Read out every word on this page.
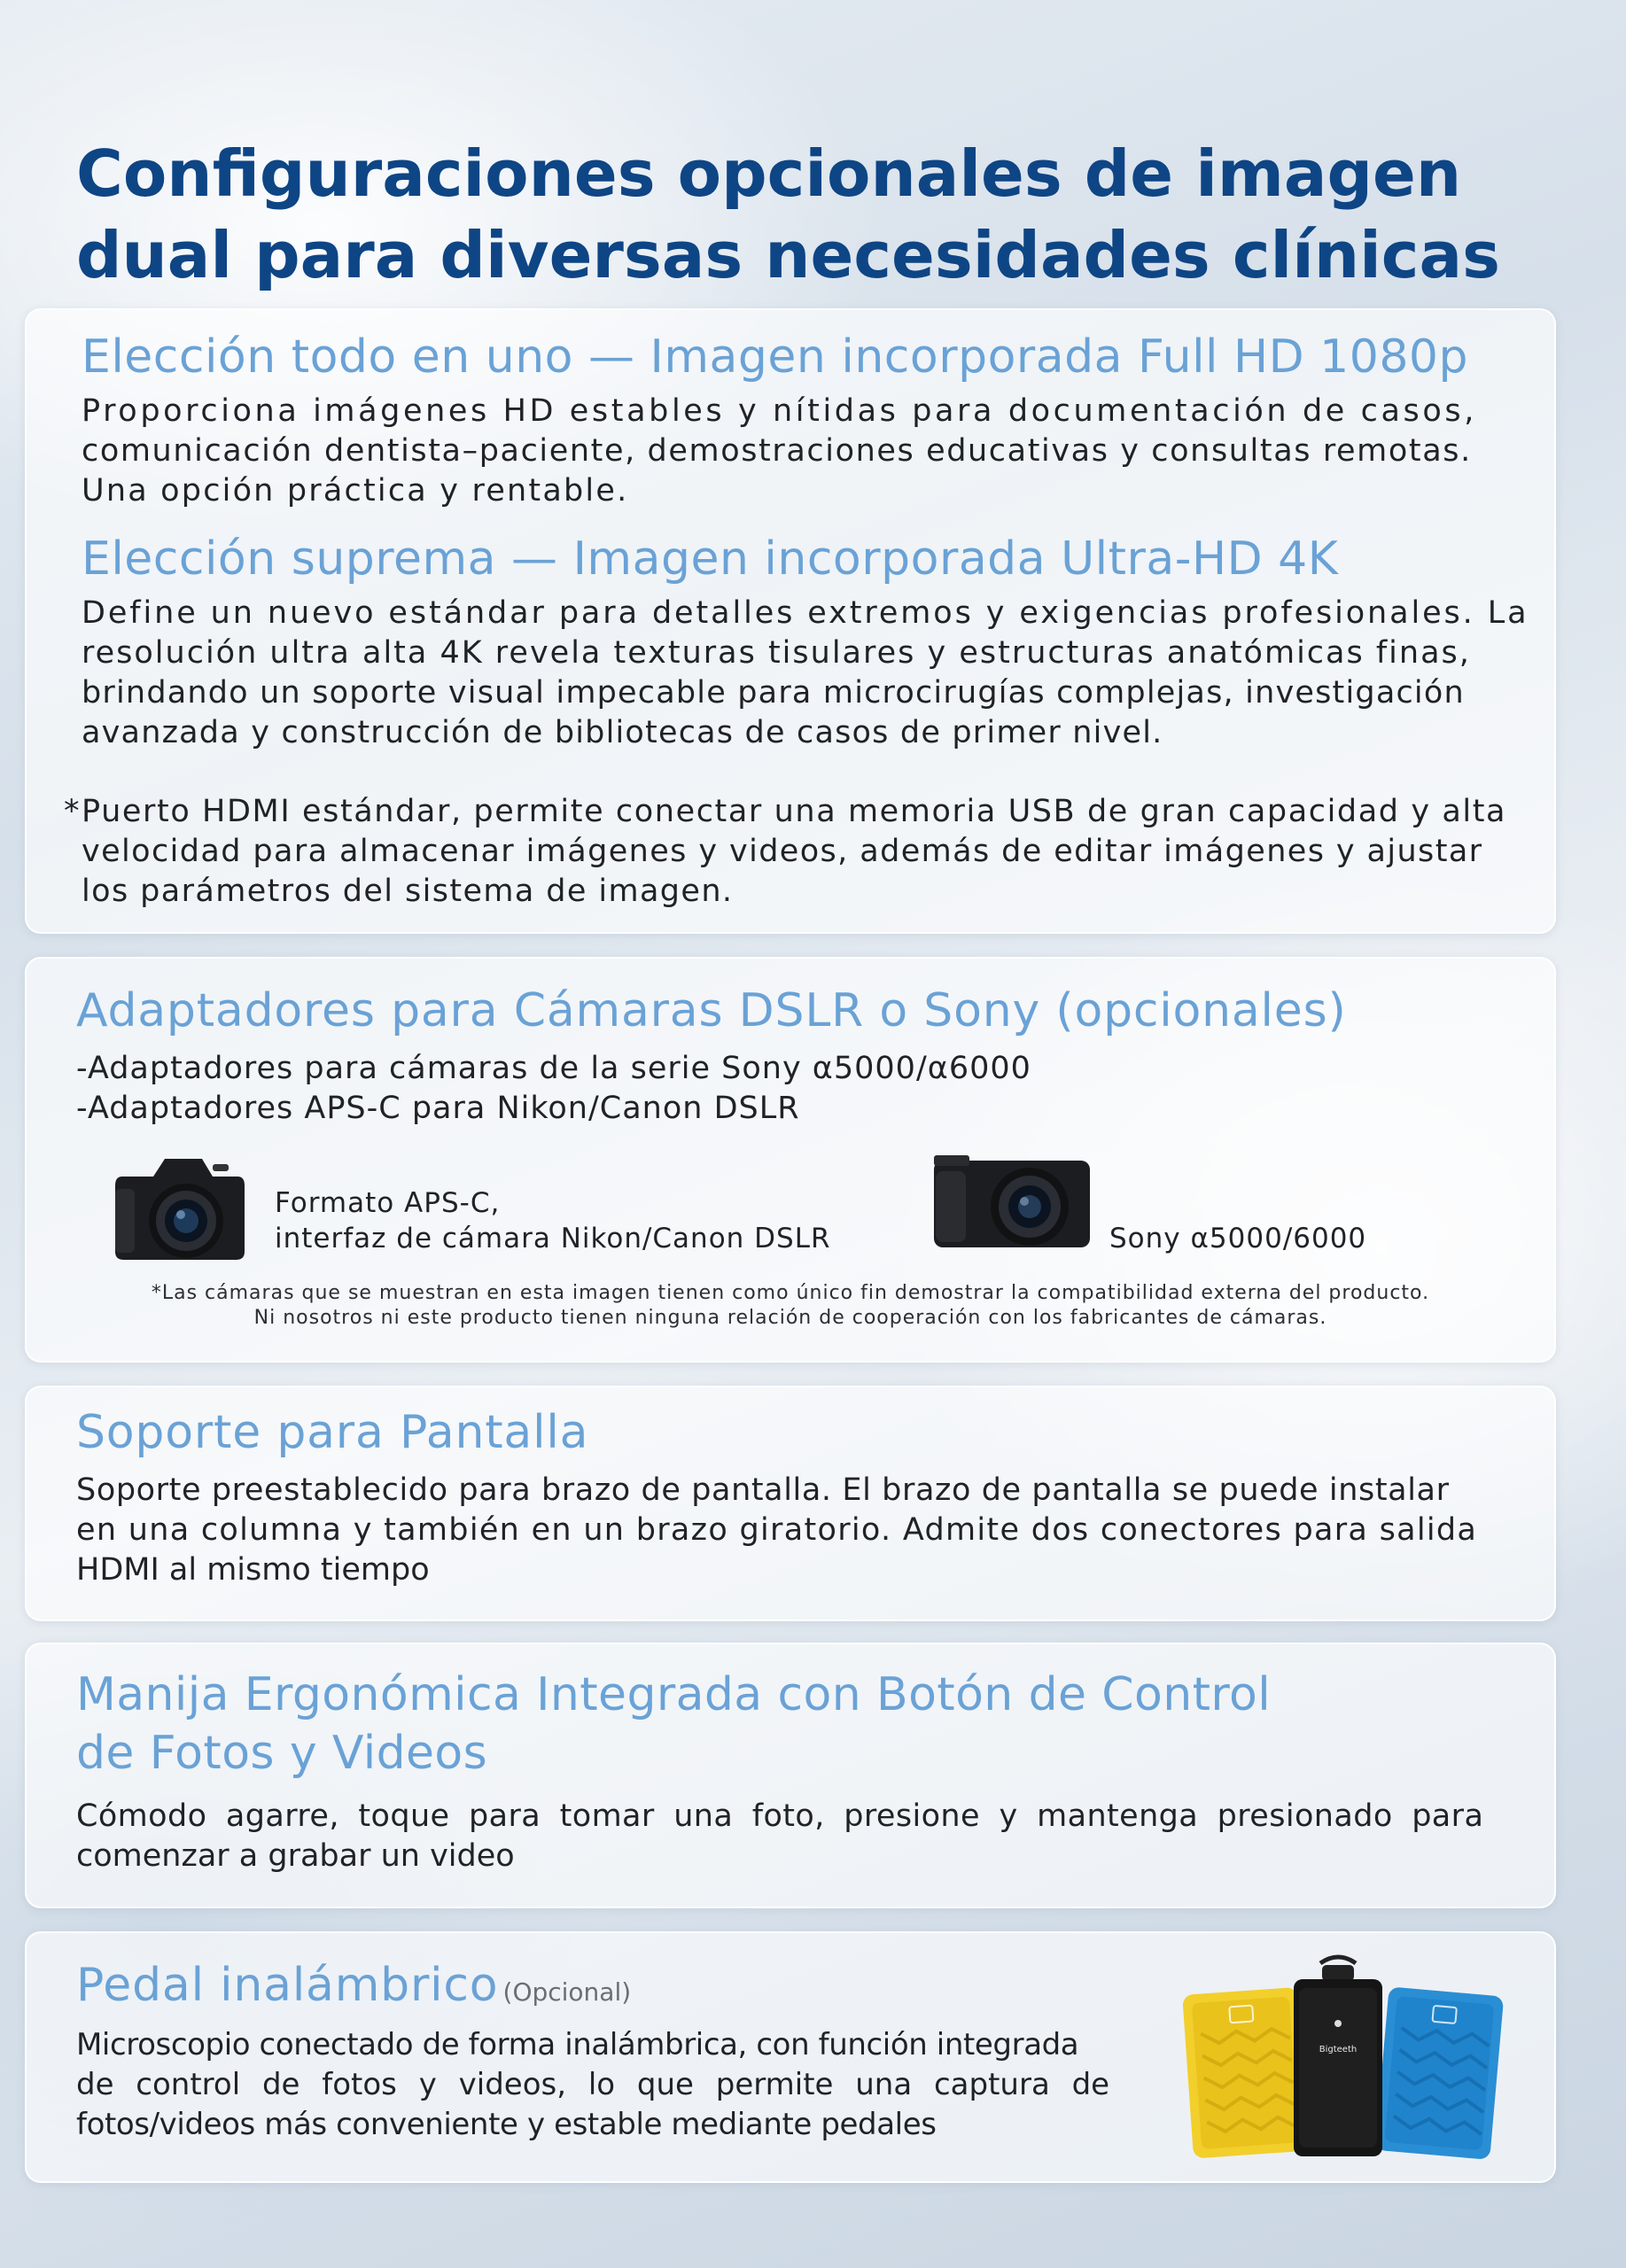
Configuraciones opcionales de imagen
dual para diversas necesidades clínicas
Elección todo en uno — Imagen incorporada Full HD 1080p

Proporciona imágenes HD estables y nítidas para documentación de casos,
comunicación dentista–paciente, demostraciones educativas y consultas remotas.
Una opción práctica y rentable.

Elección suprema — Imagen incorporada Ultra-HD 4K

Define un nuevo estándar para detalles extremos y exigencias profesionales. La
resolución ultra alta 4K revela texturas tisulares y estructuras anatómicas finas,
brindando un soporte visual impecable para microcirugías complejas, investigación
avanzada y construcción de bibliotecas de casos de primer nivel.

* Puerto HDMI estándar, permite conectar una memoria USB de gran capacidad y alta
velocidad para almacenar imágenes y videos, además de editar imágenes y ajustar
los parámetros del sistema de imagen.

Adaptadores para Cámaras DSLR o Sony (opcionales)

-Adaptadores para cámaras de la serie Sony α5000/α6000
-Adaptadores APS-C para Nikon/Canon DSLR

Formato APS-C,
interfaz de cámara Nikon/Canon DSLR	Sony α5000/6000
*Las cámaras que se muestran en esta imagen tienen como único fin demostrar la compatibilidad externa del producto.
Ni nosotros ni este producto tienen ninguna relación de cooperación con los fabricantes de cámaras.
Soporte para Pantalla

Soporte preestablecido para brazo de pantalla. El brazo de pantalla se puede instalar
en una columna y también en un brazo giratorio. Admite dos conectores para salida
HDMI al mismo tiempo

Manija Ergonómica Integrada con Botón de Control
de Fotos y Videos

Cómodo agarre, toque para tomar una foto, presione y mantenga presionado para
comenzar a grabar un video

Pedal inalámbrico (Opcional)

Microscopio conectado de forma inalámbrica, con función integrada
de control de fotos y videos, lo que permite una captura de
fotos/videos más conveniente y estable mediante pedales

Bigteeth
